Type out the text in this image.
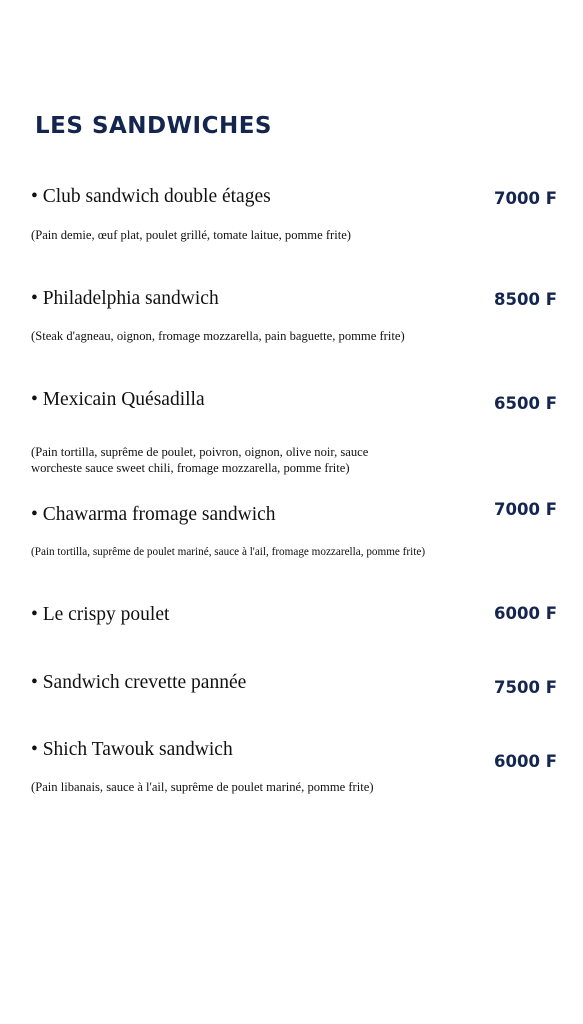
LES SANDWICHES
• Club sandwich double étages	7000 F
(Pain demie, œuf plat, poulet grillé, tomate laitue, pomme frite)
• Philadelphia sandwich	8500 F
(Steak d'agneau, oignon, fromage mozzarella, pain baguette, pomme frite)
• Mexicain Quésadilla	6500 F
(Pain tortilla, suprême de poulet, poivron, oignon, olive noir, sauce
worcheste sauce sweet chili, fromage mozzarella, pomme frite)
• Chawarma fromage sandwich	7000 F
(Pain tortilla, suprême de poulet mariné, sauce à l'ail, fromage mozzarella, pomme frite)
• Le crispy poulet	6000 F
• Sandwich crevette pannée	7500 F
• Shich Tawouk sandwich
6000 F
(Pain libanais, sauce à l'ail, suprême de poulet mariné, pomme frite)
